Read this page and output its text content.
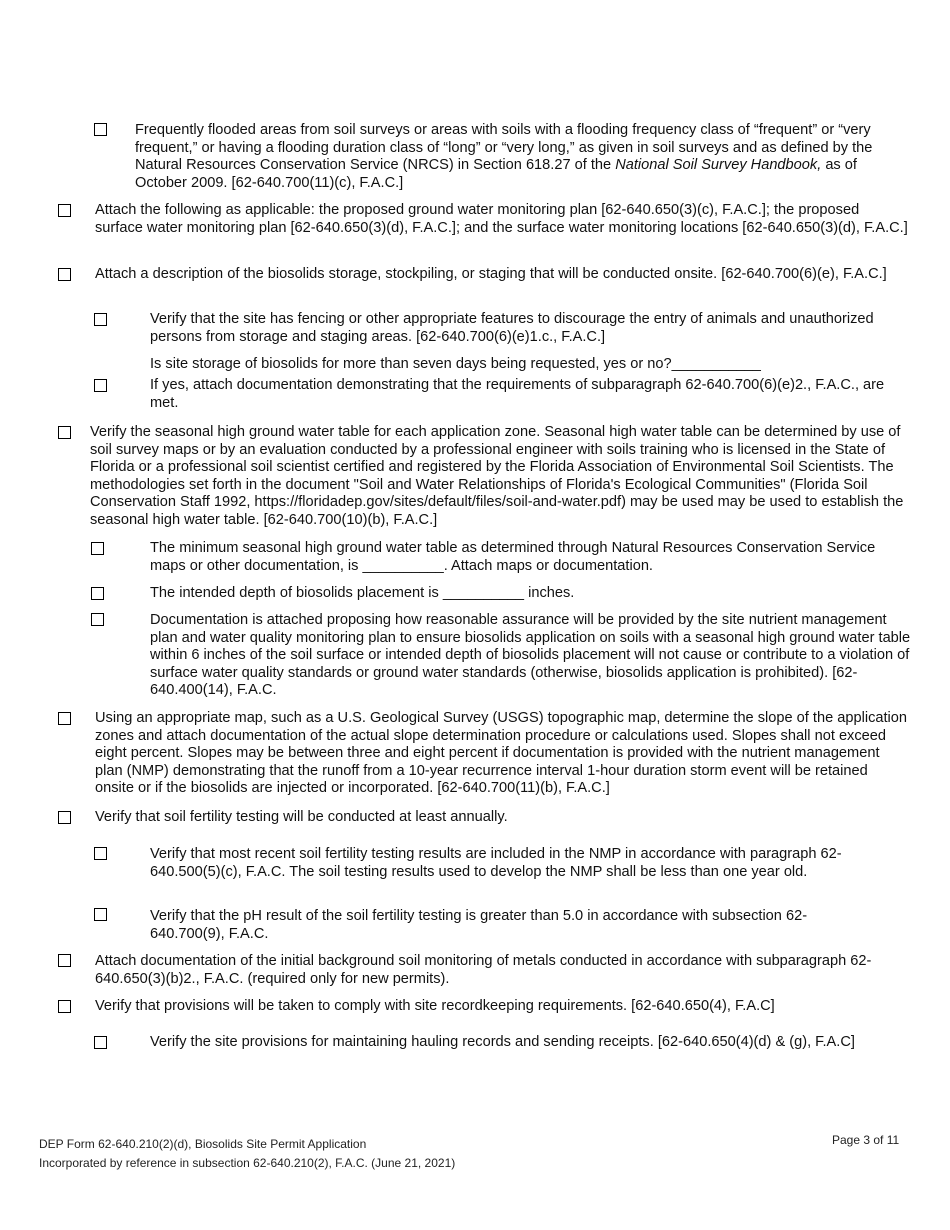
Frequently flooded areas from soil surveys or areas with soils with a flooding frequency class of “frequent” or “very frequent,” or having a flooding duration class of “long” or “very long,” as given in soil surveys and as defined by the Natural Resources Conservation Service (NRCS) in Section 618.27 of the National Soil Survey Handbook, as of October 2009. [62-640.700(11)(c), F.A.C.]
Attach the following as applicable: the proposed ground water monitoring plan [62-640.650(3)(c), F.A.C.]; the proposed surface water monitoring plan [62-640.650(3)(d), F.A.C.]; and the surface water monitoring locations [62-640.650(3)(d), F.A.C.]
Attach a description of the biosolids storage, stockpiling, or staging that will be conducted onsite. [62-640.700(6)(e), F.A.C.]
Verify that the site has fencing or other appropriate features to discourage the entry of animals and unauthorized persons from storage and staging areas. [62-640.700(6)(e)1.c., F.A.C.]
Is site storage of biosolids for more than seven days being requested, yes or no?___________
If yes, attach documentation demonstrating that the requirements of subparagraph 62-640.700(6)(e)2., F.A.C., are met.
Verify the seasonal high ground water table for each application zone. Seasonal high water table can be determined by use of soil survey maps or by an evaluation conducted by a professional engineer with soils training who is licensed in the State of Florida or a professional soil scientist certified and registered by the Florida Association of Environmental Soil Scientists. The methodologies set forth in the document "Soil and Water Relationships of Florida's Ecological Communities" (Florida Soil Conservation Staff 1992, https://floridadep.gov/sites/default/files/soil-and-water.pdf) may be used may be used to establish the seasonal high water table. [62-640.700(10)(b), F.A.C.]
The minimum seasonal high ground water table as determined through Natural Resources Conservation Service maps or other documentation, is __________. Attach maps or documentation.
The intended depth of biosolids placement is __________ inches.
Documentation is attached proposing how reasonable assurance will be provided by the site nutrient management plan and water quality monitoring plan to ensure biosolids application on soils with a seasonal high ground water table within 6 inches of the soil surface or intended depth of biosolids placement will not cause or contribute to a violation of surface water quality standards or ground water standards (otherwise, biosolids application is prohibited). [62-640.400(14), F.A.C.
Using an appropriate map, such as a U.S. Geological Survey (USGS) topographic map, determine the slope of the application zones and attach documentation of the actual slope determination procedure or calculations used. Slopes shall not exceed eight percent. Slopes may be between three and eight percent if documentation is provided with the nutrient management plan (NMP) demonstrating that the runoff from a 10-year recurrence interval 1-hour duration storm event will be retained onsite or if the biosolids are injected or incorporated. [62-640.700(11)(b), F.A.C.]
Verify that soil fertility testing will be conducted at least annually.
Verify that most recent soil fertility testing results are included in the NMP in accordance with paragraph 62- 640.500(5)(c), F.A.C. The soil testing results used to develop the NMP shall be less than one year old.
Verify that the pH result of the soil fertility testing is greater than 5.0 in accordance with subsection 62- 640.700(9), F.A.C.
Attach documentation of the initial background soil monitoring of metals conducted in accordance with subparagraph 62-640.650(3)(b)2., F.A.C. (required only for new permits).
Verify that provisions will be taken to comply with site recordkeeping requirements. [62-640.650(4), F.A.C]
Verify the site provisions for maintaining hauling records and sending receipts. [62-640.650(4)(d) & (g), F.A.C]
DEP Form 62-640.210(2)(d), Biosolids Site Permit Application
Incorporated by reference in subsection 62-640.210(2), F.A.C. (June 21, 2021)
Page 3 of 11
